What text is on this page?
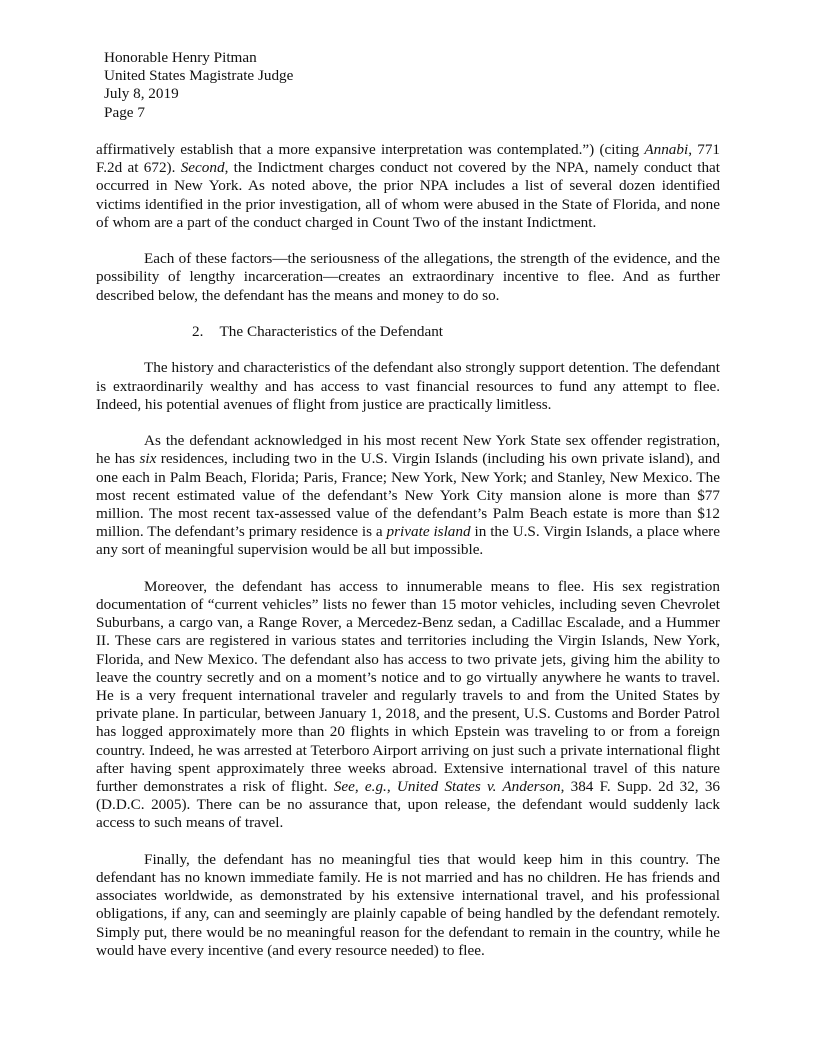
Honorable Henry Pitman
United States Magistrate Judge
July 8, 2019
Page 7

affirmatively establish that a more expansive interpretation was contemplated.”) (citing Annabi, 771 F.2d at 672). Second, the Indictment charges conduct not covered by the NPA, namely conduct that occurred in New York. As noted above, the prior NPA includes a list of several dozen identified victims identified in the prior investigation, all of whom were abused in the State of Florida, and none of whom are a part of the conduct charged in Count Two of the instant Indictment.

Each of these factors—the seriousness of the allegations, the strength of the evidence, and the possibility of lengthy incarceration—creates an extraordinary incentive to flee. And as further described below, the defendant has the means and money to do so.

2. The Characteristics of the Defendant

The history and characteristics of the defendant also strongly support detention. The defendant is extraordinarily wealthy and has access to vast financial resources to fund any attempt to flee. Indeed, his potential avenues of flight from justice are practically limitless.

As the defendant acknowledged in his most recent New York State sex offender registration, he has six residences, including two in the U.S. Virgin Islands (including his own private island), and one each in Palm Beach, Florida; Paris, France; New York, New York; and Stanley, New Mexico. The most recent estimated value of the defendant’s New York City mansion alone is more than $77 million. The most recent tax-assessed value of the defendant’s Palm Beach estate is more than $12 million. The defendant’s primary residence is a private island in the U.S. Virgin Islands, a place where any sort of meaningful supervision would be all but impossible.

Moreover, the defendant has access to innumerable means to flee. His sex registration documentation of “current vehicles” lists no fewer than 15 motor vehicles, including seven Chevrolet Suburbans, a cargo van, a Range Rover, a Mercedez-Benz sedan, a Cadillac Escalade, and a Hummer II. These cars are registered in various states and territories including the Virgin Islands, New York, Florida, and New Mexico. The defendant also has access to two private jets, giving him the ability to leave the country secretly and on a moment’s notice and to go virtually anywhere he wants to travel. He is a very frequent international traveler and regularly travels to and from the United States by private plane. In particular, between January 1, 2018, and the present, U.S. Customs and Border Patrol has logged approximately more than 20 flights in which Epstein was traveling to or from a foreign country. Indeed, he was arrested at Teterboro Airport arriving on just such a private international flight after having spent approximately three weeks abroad. Extensive international travel of this nature further demonstrates a risk of flight. See, e.g., United States v. Anderson, 384 F. Supp. 2d 32, 36 (D.D.C. 2005). There can be no assurance that, upon release, the defendant would suddenly lack access to such means of travel.

Finally, the defendant has no meaningful ties that would keep him in this country. The defendant has no known immediate family. He is not married and has no children. He has friends and associates worldwide, as demonstrated by his extensive international travel, and his professional obligations, if any, can and seemingly are plainly capable of being handled by the defendant remotely. Simply put, there would be no meaningful reason for the defendant to remain in the country, while he would have every incentive (and every resource needed) to flee.
